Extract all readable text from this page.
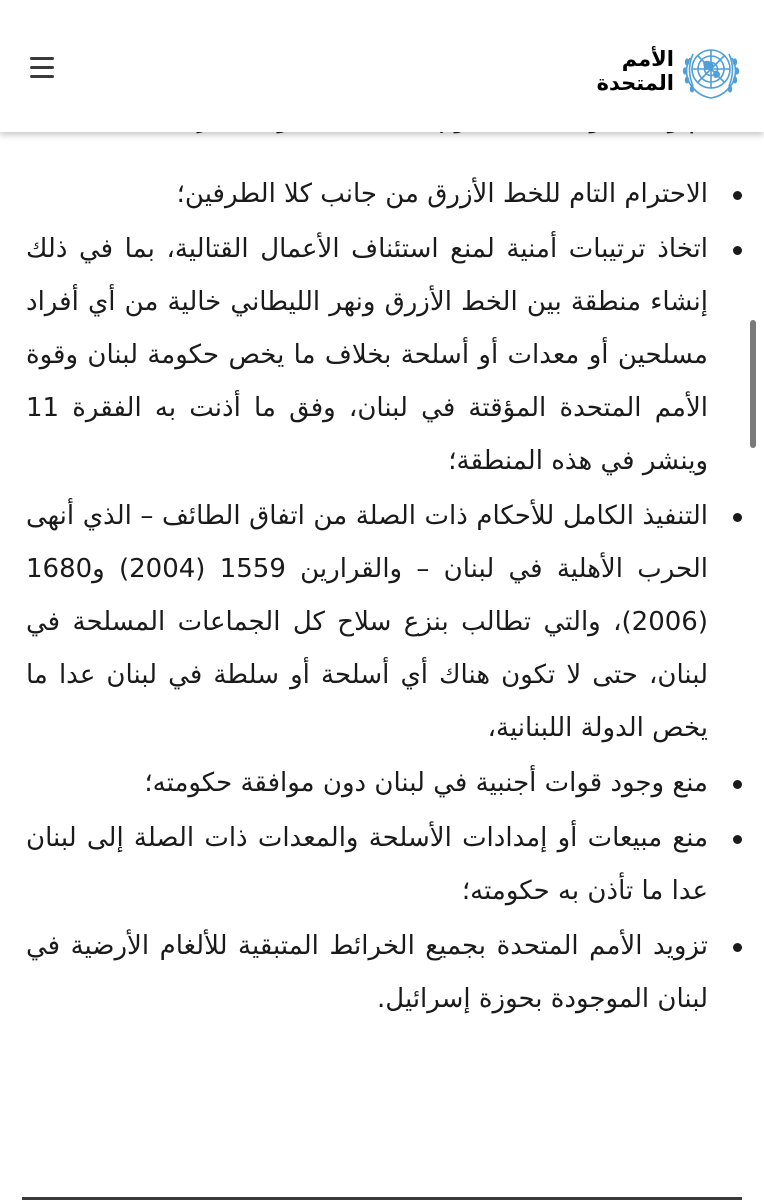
الأمم
المتحدة

الاحترام التام للخط الأزرق من جانب كلا الطرفين؛
اتخاذ ترتيبات أمنية لمنع استئناف الأعمال القتالية، بما في ذلك إنشاء منطقة بين الخط الأزرق ونهر الليطاني خالية من أي أفراد مسلحين أو معدات أو أسلحة بخلاف ما يخص حكومة لبنان وقوة الأمم المتحدة المؤقتة في لبنان، وفق ما أذنت به الفقرة 11 وينشر في هذه المنطقة؛
التنفيذ الكامل للأحكام ذات الصلة من اتفاق الطائف – الذي أنهى الحرب الأهلية في لبنان – والقرارين 1559 (2004) و1680 (2006)، والتي تطالب بنزع سلاح كل الجماعات المسلحة في لبنان، حتى لا تكون هناك أي أسلحة أو سلطة في لبنان عدا ما يخص الدولة اللبنانية،
منع وجود قوات أجنبية في لبنان دون موافقة حكومته؛
منع مبيعات أو إمدادات الأسلحة والمعدات ذات الصلة إلى لبنان عدا ما تأذن به حكومته؛
تزويد الأمم المتحدة بجميع الخرائط المتبقية للألغام الأرضية في لبنان الموجودة بحوزة إسرائيل.
